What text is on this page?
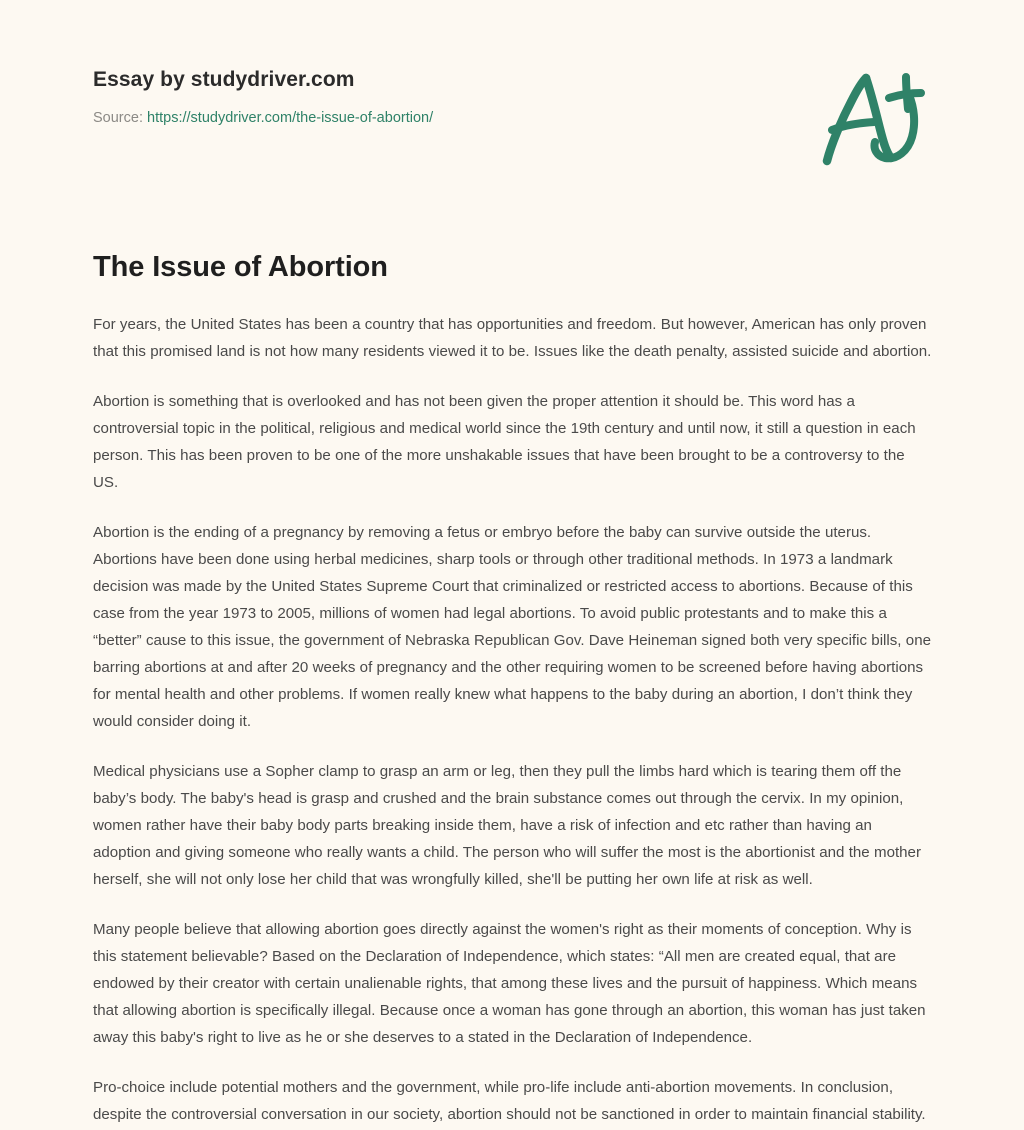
Essay by studydriver.com

Source: https://studydriver.com/the-issue-of-abortion/

The Issue of Abortion

For years, the United States has been a country that has opportunities and freedom. But however, American has only proven that this promised land is not how many residents viewed it to be. Issues like the death penalty, assisted suicide and abortion.

Abortion is something that is overlooked and has not been given the proper attention it should be. This word has a controversial topic in the political, religious and medical world since the 19th century and until now, it still a question in each person. This has been proven to be one of the more unshakable issues that have been brought to be a controversy to the US.

Abortion is the ending of a pregnancy by removing a fetus or embryo before the baby can survive outside the uterus. Abortions have been done using herbal medicines, sharp tools or through other traditional methods. In 1973 a landmark decision was made by the United States Supreme Court that criminalized or restricted access to abortions. Because of this case from the year 1973 to 2005, millions of women had legal abortions. To avoid public protestants and to make this a “better” cause to this issue, the government of Nebraska Republican Gov. Dave Heineman signed both very specific bills, one barring abortions at and after 20 weeks of pregnancy and the other requiring women to be screened before having abortions for mental health and other problems. If women really knew what happens to the baby during an abortion, I don’t think they would consider doing it.

Medical physicians use a Sopher clamp to grasp an arm or leg, then they pull the limbs hard which is tearing them off the baby’s body. The baby's head is grasp and crushed and the brain substance comes out through the cervix. In my opinion, women rather have their baby body parts breaking inside them, have a risk of infection and etc rather than having an adoption and giving someone who really wants a child. The person who will suffer the most is the abortionist and the mother herself, she will not only lose her child that was wrongfully killed, she'll be putting her own life at risk as well.

Many people believe that allowing abortion goes directly against the women's right as their moments of conception. Why is this statement believable? Based on the Declaration of Independence, which states: “All men are created equal, that are endowed by their creator with certain unalienable rights, that among these lives and the pursuit of happiness. Which means that allowing abortion is specifically illegal. Because once a woman has gone through an abortion, this woman has just taken away this baby's right to live as he or she deserves to a stated in the Declaration of Independence.

Pro-choice include potential mothers and the government, while pro-life include anti-abortion movements. In conclusion, despite the controversial conversation in our society, abortion should not be sanctioned in order to maintain financial stability.
